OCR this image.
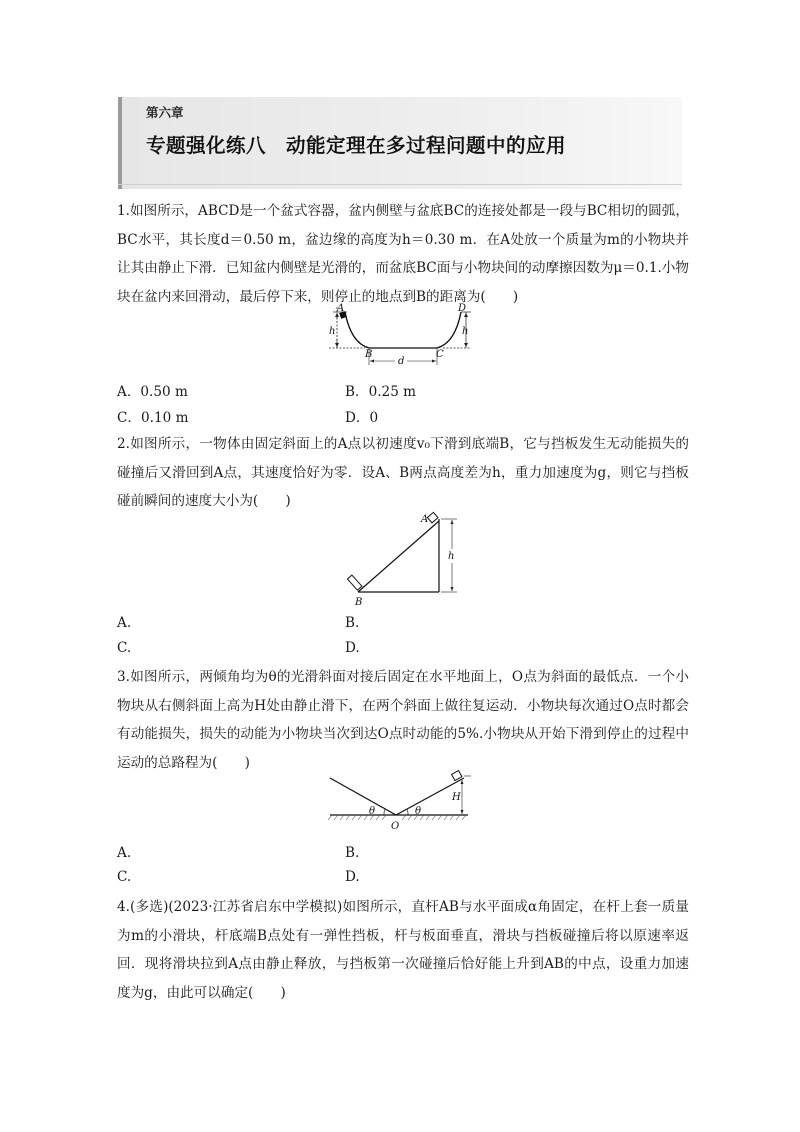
第六章
专题强化练八　动能定理在多过程问题中的应用
1.如图所示，ABCD是一个盆式容器，盆内侧壁与盆底BC的连接处都是一段与BC相切的圆弧，BC水平，其长度d＝0.50 m，盆边缘的高度为h＝0.30 m．在A处放一个质量为m的小物块并让其由静止下滑．已知盆内侧壁是光滑的，而盆底BC面与小物块间的动摩擦因数为μ＝0.1.小物块在盆内来回滑动，最后停下来，则停止的地点到B的距离为(　　)
h
A	D
h
B	C
d
A．0.50 m	B．0.25 m
C．0.10 m	D．0
2.如图所示，一物体由固定斜面上的A点以初速度v₀下滑到底端B，它与挡板发生无动能损失的碰撞后又滑回到A点，其速度恰好为零．设A、B两点高度差为h，重力加速度为g，则它与挡板碰前瞬间的速度大小为(　　)
h
A
B
A.	B.
C.	D.
3.如图所示，两倾角均为θ的光滑斜面对接后固定在水平地面上，O点为斜面的最低点．一个小物块从右侧斜面上高为H处由静止滑下，在两个斜面上做往复运动．小物块每次通过O点时都会有动能损失，损失的动能为小物块当次到达O点时动能的5%.小物块从开始下滑到停止的过程中运动的总路程为(　　)
θ	θ
O
H
A.	B.
C.	D.
4.(多选)(2023·江苏省启东中学模拟)如图所示，直杆AB与水平面成α角固定，在杆上套一质量为m的小滑块，杆底端B点处有一弹性挡板，杆与板面垂直，滑块与挡板碰撞后将以原速率返回．现将滑块拉到A点由静止释放，与挡板第一次碰撞后恰好能上升到AB的中点，设重力加速度为g，由此可以确定(　　)
